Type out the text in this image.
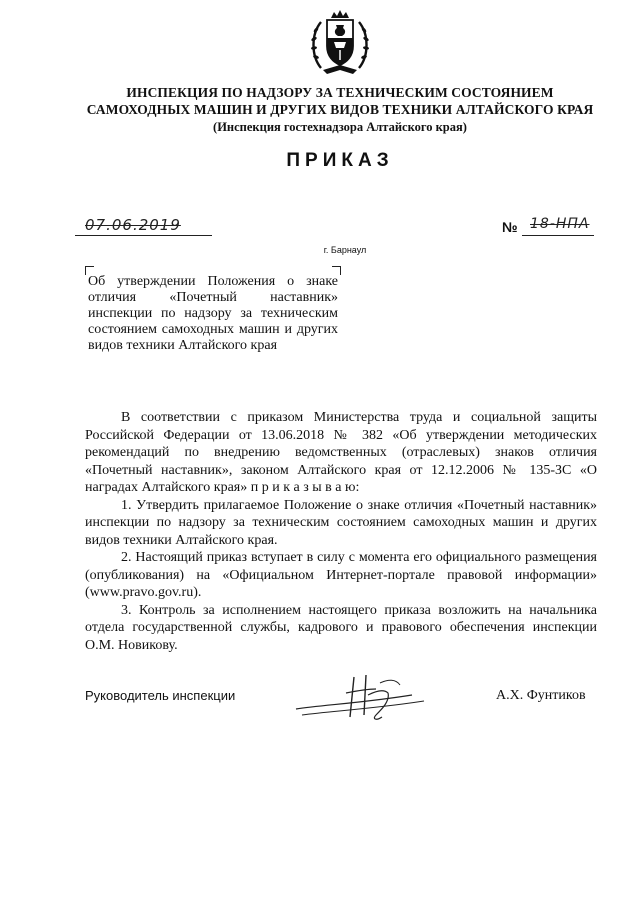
ИНСПЕКЦИЯ ПО НАДЗОРУ ЗА ТЕХНИЧЕСКИМ СОСТОЯНИЕМ
САМОХОДНЫХ МАШИН И ДРУГИХ ВИДОВ ТЕХНИКИ АЛТАЙСКОГО КРАЯ
(Инспекция гостехнадзора Алтайского края)
ПРИКАЗ
07.06.2019	№ 18-НПА
г. Барнаул
Об утверждении Положения о знаке отличия «Почетный наставник» инспекции по надзору за техническим состоянием самоходных машин и других видов техники Алтайского края

В соответствии с приказом Министерства труда и социальной защиты Российской Федерации от 13.06.2018 № 382 «Об утверждении методических рекомендаций по внедрению ведомственных (отраслевых) знаков отличия «Почетный наставник», законом Алтайского края от 12.12.2006 № 135-ЗС «О наградах Алтайского края» п р и к а з ы в а ю:

1. Утвердить прилагаемое Положение о знаке отличия «Почетный наставник» инспекции по надзору за техническим состоянием самоходных машин и других видов техники Алтайского края.

2. Настоящий приказ вступает в силу с момента его официального размещения (опубликования) на «Официальном Интернет-портале правовой информации» (www.pravo.gov.ru).

3. Контроль за исполнением настоящего приказа возложить на начальника отдела государственной службы, кадрового и правового обеспечения инспекции О.М. Новикову.

Руководитель инспекции	А.Х. Фунтиков
